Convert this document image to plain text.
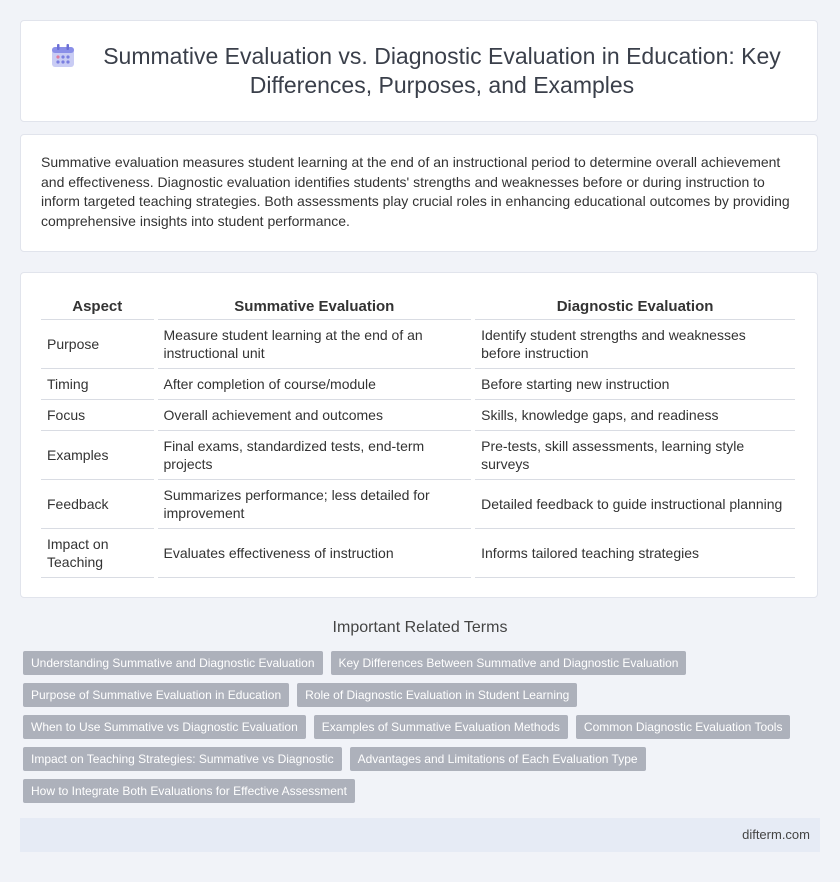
Summative Evaluation vs. Diagnostic Evaluation in Education: Key Differences, Purposes, and Examples

Summative evaluation measures student learning at the end of an instructional period to determine overall achievement and effectiveness. Diagnostic evaluation identifies students' strengths and weaknesses before or during instruction to inform targeted teaching strategies. Both assessments play crucial roles in enhancing educational outcomes by providing comprehensive insights into student performance.

Aspect	Summative Evaluation	Diagnostic Evaluation
Purpose	Measure student learning at the end of an instructional unit	Identify student strengths and weaknesses before instruction
Timing	After completion of course/module	Before starting new instruction
Focus	Overall achievement and outcomes	Skills, knowledge gaps, and readiness
Examples	Final exams, standardized tests, end-term projects	Pre-tests, skill assessments, learning style surveys
Feedback	Summarizes performance; less detailed for improvement	Detailed feedback to guide instructional planning
Impact on Teaching	Evaluates effectiveness of instruction	Informs tailored teaching strategies
Important Related Terms
Understanding Summative and Diagnostic Evaluation	Key Differences Between Summative and Diagnostic Evaluation
Purpose of Summative Evaluation in Education	Role of Diagnostic Evaluation in Student Learning
When to Use Summative vs Diagnostic Evaluation	Examples of Summative Evaluation Methods	Common Diagnostic Evaluation Tools
Impact on Teaching Strategies: Summative vs Diagnostic	Advantages and Limitations of Each Evaluation Type
How to Integrate Both Evaluations for Effective Assessment
difterm.com
